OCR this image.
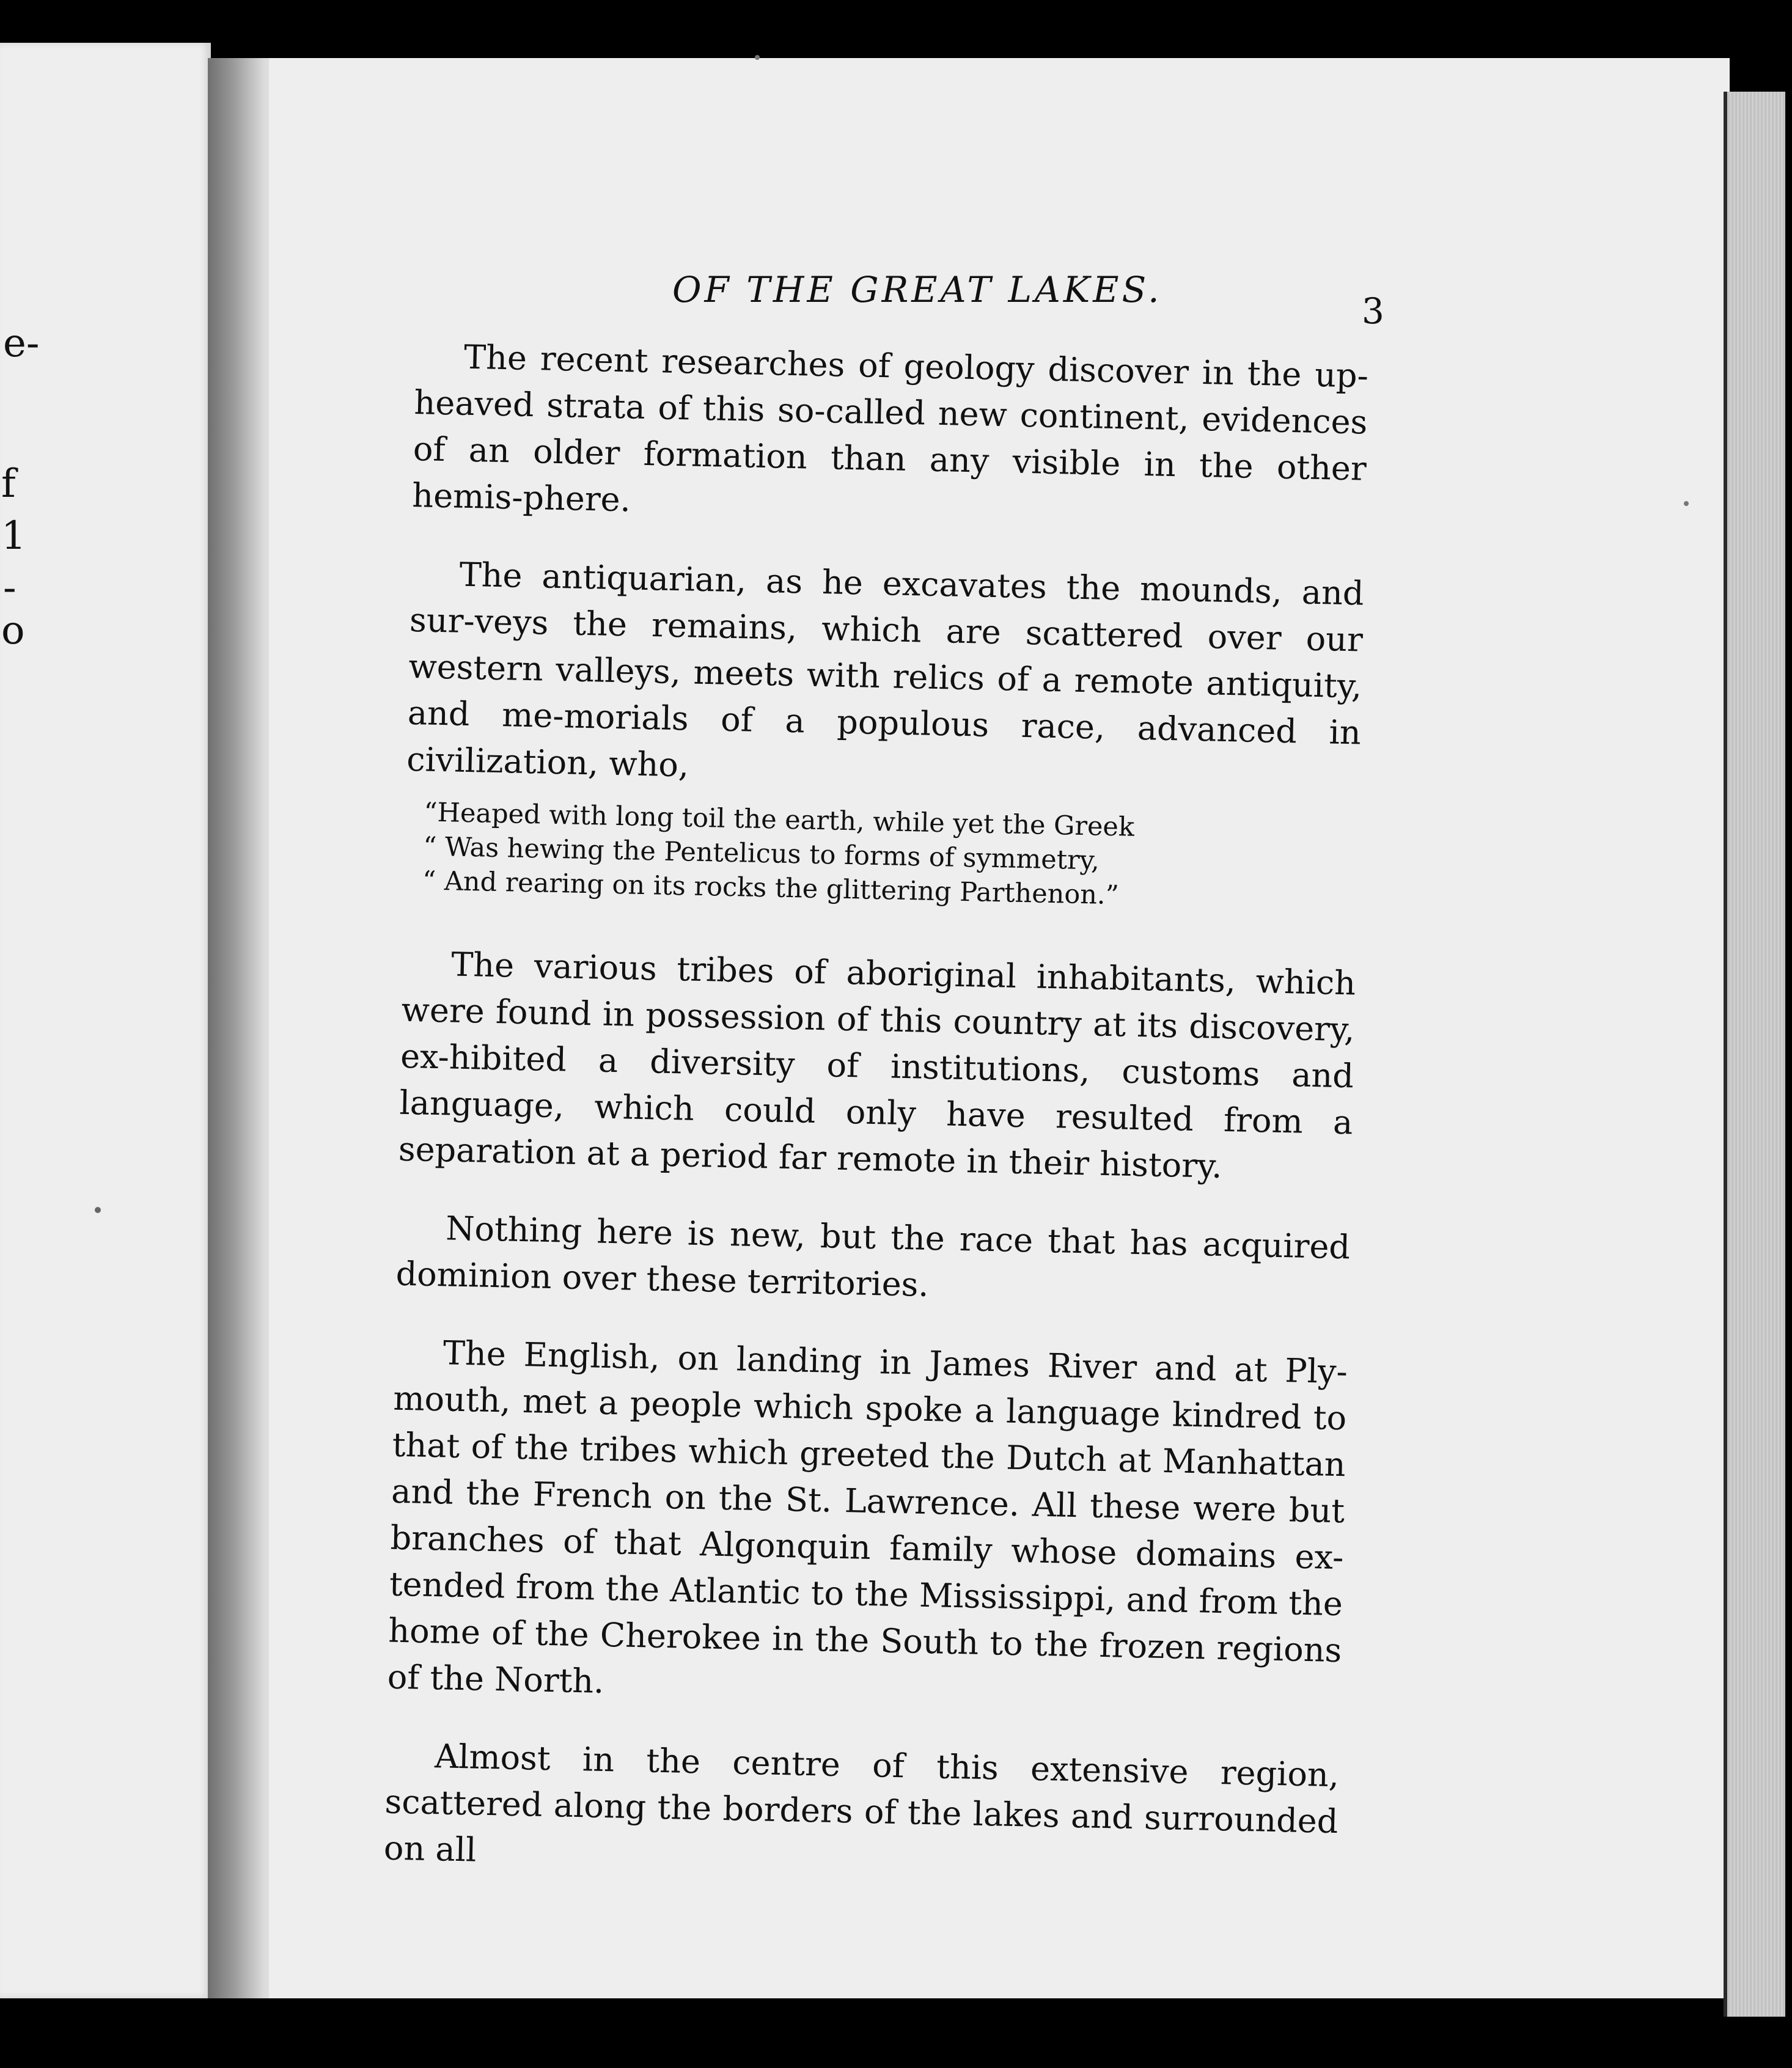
e-
f
1
-
o
OF THE GREAT LAKES.
3

The recent researches of geology discover in the up-heaved strata of this so-called new continent, evidences of an older formation than any visible in the other hemis-phere.

The antiquarian, as he excavates the mounds, and sur-veys the remains, which are scattered over our western valleys, meets with relics of a remote antiquity, and me-morials of a populous race, advanced in civilization, who,

“Heaped with long toil the earth, while yet the Greek
“ Was hewing the Pentelicus to forms of symmetry,
“ And rearing on its rocks the glittering Parthenon.”

The various tribes of aboriginal inhabitants, which were found in possession of this country at its discovery, ex-hibited a diversity of institutions, customs and language, which could only have resulted from a separation at a period far remote in their history.

Nothing here is new, but the race that has acquired dominion over these territories.

The English, on landing in James River and at Ply-mouth, met a people which spoke a language kindred to that of the tribes which greeted the Dutch at Manhattan and the French on the St. Lawrence. All these were but branches of that Algonquin family whose domains ex-tended from the Atlantic to the Mississippi, and from the home of the Cherokee in the South to the frozen regions of the North.

Almost in the centre of this extensive region, scattered along the borders of the lakes and surrounded on all
